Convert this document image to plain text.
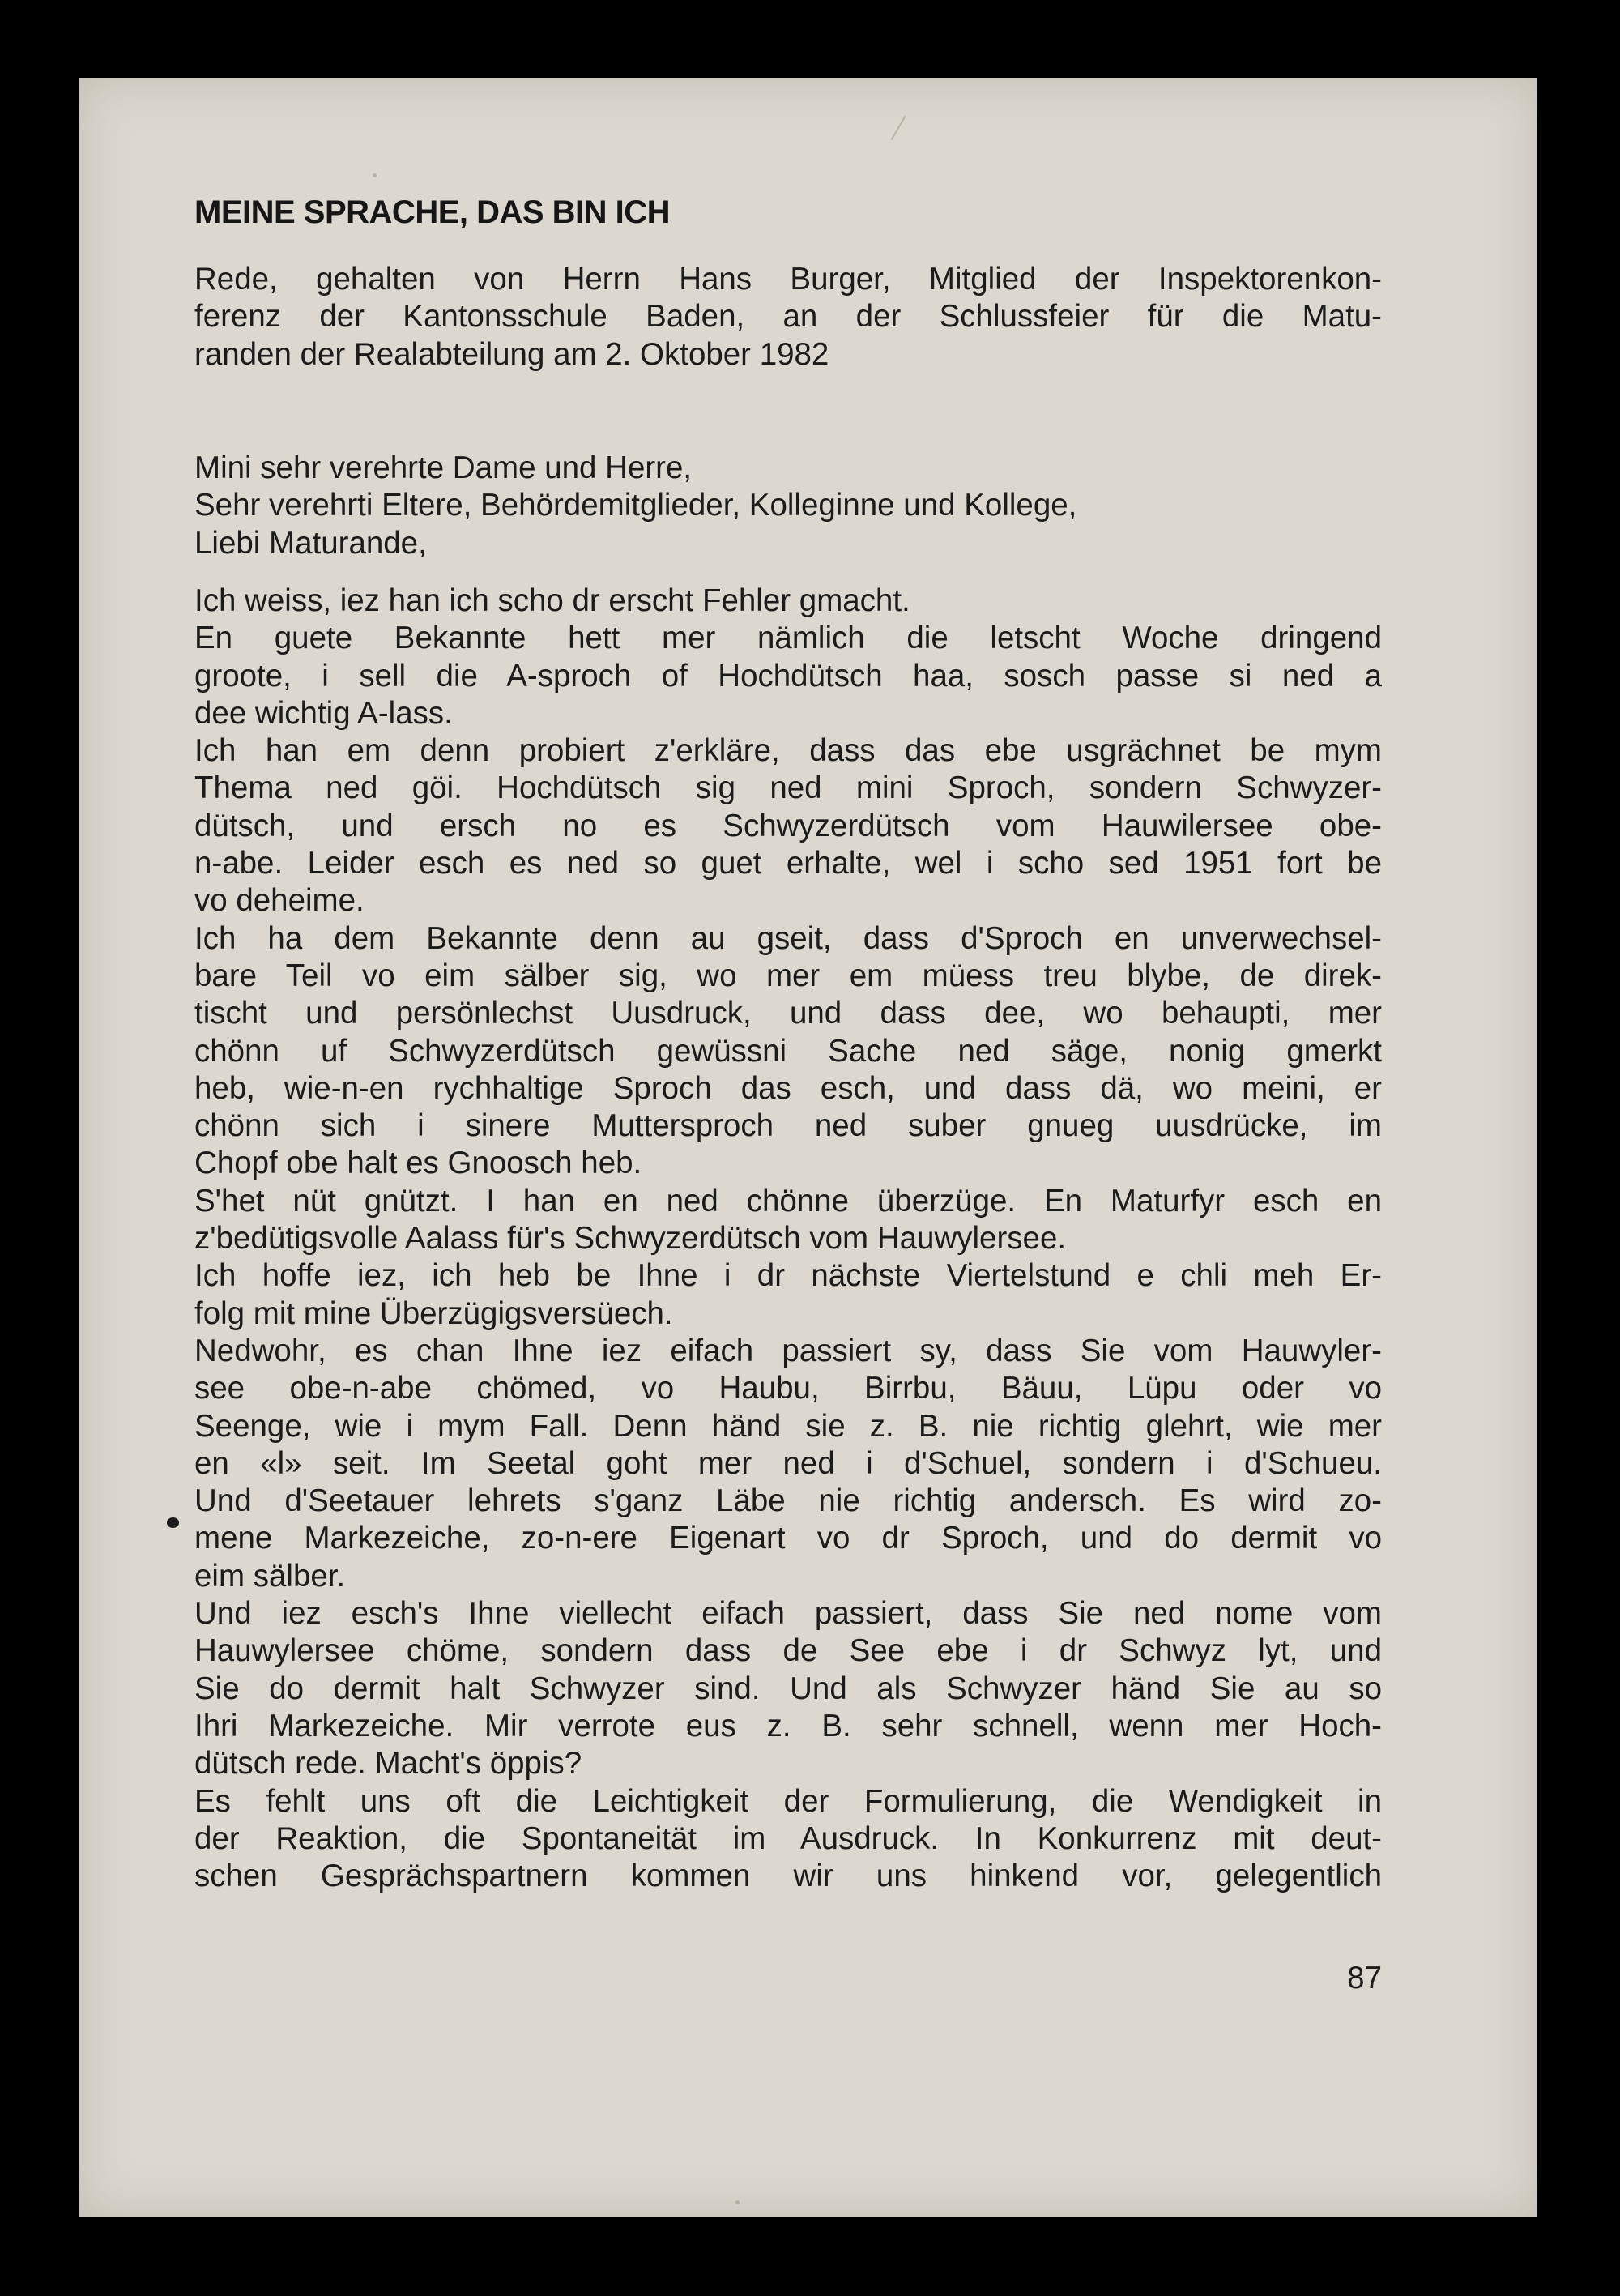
MEINE SPRACHE, DAS BIN ICH
Rede, gehalten von Herrn Hans Burger, Mitglied der Inspektorenkon-
ferenz der Kantonsschule Baden, an der Schlussfeier für die Matu-
randen der Realabteilung am 2. Oktober 1982
Mini sehr verehrte Dame und Herre,
Sehr verehrti Eltere, Behördemitglieder, Kolleginne und Kollege,
Liebi Maturande,
Ich weiss, iez han ich scho dr erscht Fehler gmacht.
En guete Bekannte hett mer nämlich die letscht Woche dringend
groote, i sell die A-sproch of Hochdütsch haa, sosch passe si ned a
dee wichtig A-lass.
Ich han em denn probiert z'erkläre, dass das ebe usgrächnet be mym
Thema ned göi. Hochdütsch sig ned mini Sproch, sondern Schwyzer-
dütsch, und ersch no es Schwyzerdütsch vom Hauwilersee obe-
n-abe. Leider esch es ned so guet erhalte, wel i scho sed 1951 fort be
vo deheime.
Ich ha dem Bekannte denn au gseit, dass d'Sproch en unverwechsel-
bare Teil vo eim sälber sig, wo mer em müess treu blybe, de direk-
tischt und persönlechst Uusdruck, und dass dee, wo behaupti, mer
chönn uf Schwyzerdütsch gewüssni Sache ned säge, nonig gmerkt
heb, wie-n-en rychhaltige Sproch das esch, und dass dä, wo meini, er
chönn sich i sinere Muttersproch ned suber gnueg uusdrücke, im
Chopf obe halt es Gnoosch heb.
S'het nüt gnützt. I han en ned chönne überzüge. En Maturfyr esch en
z'bedütigsvolle Aalass für's Schwyzerdütsch vom Hauwylersee.
Ich hoffe iez, ich heb be Ihne i dr nächste Viertelstund e chli meh Er-
folg mit mine Überzügigsversüech.
Nedwohr, es chan Ihne iez eifach passiert sy, dass Sie vom Hauwyler-
see obe-n-abe chömed, vo Haubu, Birrbu, Bäuu, Lüpu oder vo
Seenge, wie i mym Fall. Denn händ sie z. B. nie richtig glehrt, wie mer
en «l» seit. Im Seetal goht mer ned i d'Schuel, sondern i d'Schueu.
Und d'Seetauer lehrets s'ganz Läbe nie richtig andersch. Es wird zo-
mene Markezeiche, zo-n-ere Eigenart vo dr Sproch, und do dermit vo
eim sälber.
Und iez esch's Ihne viellecht eifach passiert, dass Sie ned nome vom
Hauwylersee chöme, sondern dass de See ebe i dr Schwyz lyt, und
Sie do dermit halt Schwyzer sind. Und als Schwyzer händ Sie au so
Ihri Markezeiche. Mir verrote eus z. B. sehr schnell, wenn mer Hoch-
dütsch rede. Macht's öppis?
Es fehlt uns oft die Leichtigkeit der Formulierung, die Wendigkeit in
der Reaktion, die Spontaneität im Ausdruck. In Konkurrenz mit deut-
schen Gesprächspartnern kommen wir uns hinkend vor, gelegentlich
87
